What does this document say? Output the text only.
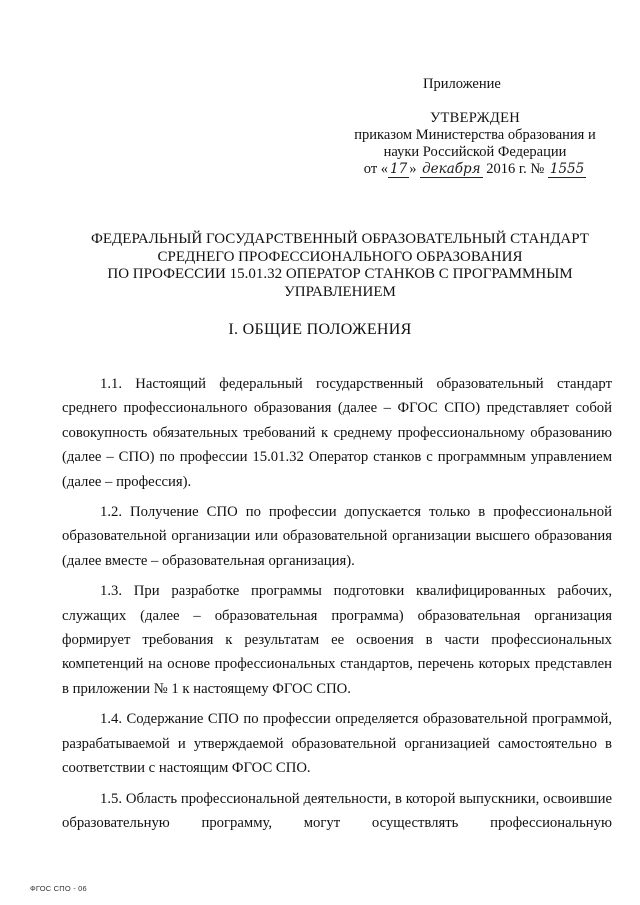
Приложение
УТВЕРЖДЕН
приказом Министерства образования и
науки Российской Федерации
от « 17 » декабря 2016 г. № 1555
ФЕДЕРАЛЬНЫЙ ГОСУДАРСТВЕННЫЙ ОБРАЗОВАТЕЛЬНЫЙ СТАНДАРТ
СРЕДНЕГО ПРОФЕССИОНАЛЬНОГО ОБРАЗОВАНИЯ
ПО ПРОФЕССИИ 15.01.32 ОПЕРАТОР СТАНКОВ С ПРОГРАММНЫМ
УПРАВЛЕНИЕМ
I. ОБЩИЕ ПОЛОЖЕНИЯ

1.1. Настоящий федеральный государственный образовательный стандарт среднего профессионального образования (далее – ФГОС СПО) представляет собой совокупность обязательных требований к среднему профессиональному образованию (далее – СПО) по профессии 15.01.32 Оператор станков с программным управлением (далее – профессия).

1.2. Получение СПО по профессии допускается только в профессиональной образовательной организации или образовательной организации высшего образования (далее вместе – образовательная организация).

1.3. При разработке программы подготовки квалифицированных рабочих, служащих (далее – образовательная программа) образовательная организация формирует требования к результатам ее освоения в части профессиональных компетенций на основе профессиональных стандартов, перечень которых представлен в приложении № 1 к настоящему ФГОС СПО.

1.4. Содержание СПО по профессии определяется образовательной программой, разрабатываемой и утверждаемой образовательной организацией самостоятельно в соответствии с настоящим ФГОС СПО.

1.5. Область профессиональной деятельности, в которой выпускники, освоившие образовательную программу, могут осуществлять профессиональную

ФГОС СПО - 06
